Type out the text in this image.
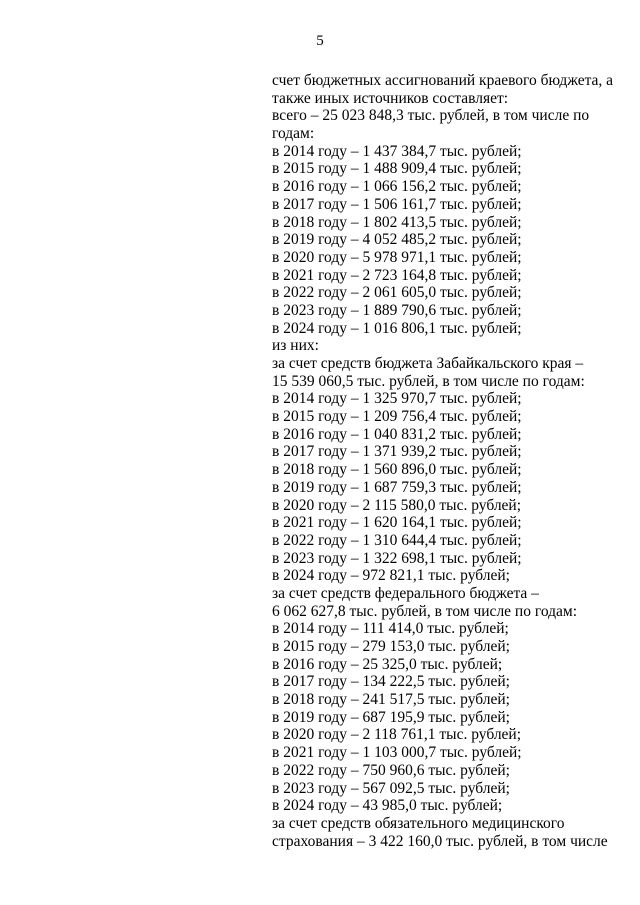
5
счет бюджетных ассигнований краевого бюджета, а
также иных источников составляет:
всего – 25 023 848,3 тыс. рублей, в том числе по
годам:
в 2014 году – 1 437 384,7 тыс. рублей;
в 2015 году – 1 488 909,4 тыс. рублей;
в 2016 году – 1 066 156,2 тыс. рублей;
в 2017 году – 1 506 161,7 тыс. рублей;
в 2018 году – 1 802 413,5 тыс. рублей;
в 2019 году – 4 052 485,2 тыс. рублей;
в 2020 году – 5 978 971,1 тыс. рублей;
в 2021 году – 2 723 164,8 тыс. рублей;
в 2022 году – 2 061 605,0 тыс. рублей;
в 2023 году – 1 889 790,6 тыс. рублей;
в 2024 году – 1 016 806,1 тыс. рублей;
из них:
за счет средств бюджета Забайкальского края –
15 539 060,5 тыс. рублей, в том числе по годам:
в 2014 году – 1 325 970,7 тыс. рублей;
в 2015 году – 1 209 756,4 тыс. рублей;
в 2016 году – 1 040 831,2 тыс. рублей;
в 2017 году – 1 371 939,2 тыс. рублей;
в 2018 году – 1 560 896,0 тыс. рублей;
в 2019 году – 1 687 759,3 тыс. рублей;
в 2020 году – 2 115 580,0 тыс. рублей;
в 2021 году – 1 620 164,1 тыс. рублей;
в 2022 году – 1 310 644,4 тыс. рублей;
в 2023 году – 1 322 698,1 тыс. рублей;
в 2024 году – 972 821,1 тыс. рублей;
за счет средств федерального бюджета –
6 062 627,8 тыс. рублей, в том числе по годам:
в 2014 году – 111 414,0 тыс. рублей;
в 2015 году – 279 153,0 тыс. рублей;
в 2016 году – 25 325,0 тыс. рублей;
в 2017 году – 134 222,5 тыс. рублей;
в 2018 году – 241 517,5 тыс. рублей;
в 2019 году – 687 195,9 тыс. рублей;
в 2020 году – 2 118 761,1 тыс. рублей;
в 2021 году – 1 103 000,7 тыс. рублей;
в 2022 году – 750 960,6 тыс. рублей;
в 2023 году – 567 092,5 тыс. рублей;
в 2024 году – 43 985,0 тыс. рублей;
за счет средств обязательного медицинского
страхования – 3 422 160,0 тыс. рублей, в том числе
